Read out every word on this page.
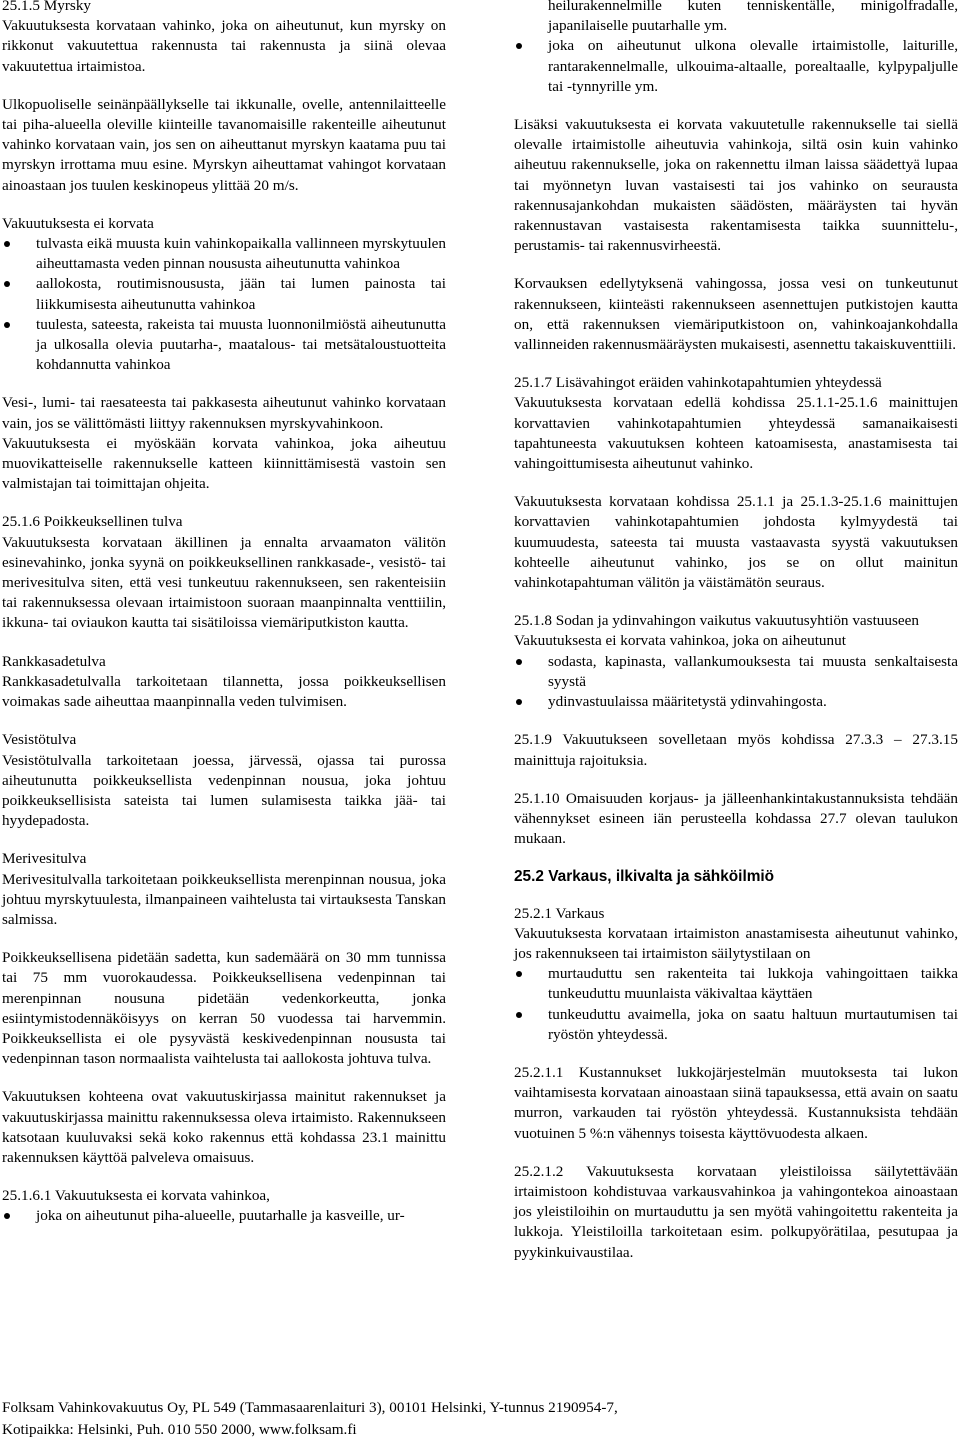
25.1.5 Myrsky
Vakuutuksesta korvataan vahinko, joka on aiheutunut, kun myrsky on rikkonut vakuutettua rakennusta tai rakennusta ja siinä olevaa vakuutettua irtaimistoa.

Ulkopuoliselle seinänpäällykselle tai ikkunalle, ovelle, antennilaitteelle tai piha-alueella oleville kiinteille tavanomaisille rakenteille aiheutunut vahinko korvataan vain, jos sen on aiheuttanut myrskyn kaatama puu tai myrskyn irrottama muu esine. Myrskyn aiheuttamat vahingot korvataan ainoastaan jos tuulen keskinopeus ylittää 20 m/s.

Vakuutuksesta ei korvata

tulvasta eikä muusta kuin vahinkopaikalla vallinneen myrskytuulen aiheuttamasta veden pinnan noususta aiheutunutta vahinkoa
aallokosta, routimisnoususta, jään tai lumen painosta tai liikkumisesta aiheutunutta vahinkoa
tuulesta, sateesta, rakeista tai muusta luonnonilmiöstä aiheutunutta ja ulkosalla olevia puutarha-, maatalous- tai metsätaloustuotteita kohdannutta vahinkoa

Vesi-, lumi- tai raesateesta tai pakkasesta aiheutunut vahinko korvataan vain, jos se välittömästi liittyy rakennuksen myrskyvahinkoon.

Vakuutuksesta ei myöskään korvata vahinkoa, joka aiheutuu muovikatteiselle rakennukselle katteen kiinnittämisestä vastoin sen valmistajan tai toimittajan ohjeita.

25.1.6 Poikkeuksellinen tulva
Vakuutuksesta korvataan äkillinen ja ennalta arvaamaton välitön esinevahinko, jonka syynä on poikkeuksellinen rankkasade-, vesistö- tai merivesitulva siten, että vesi tunkeutuu rakennukseen, sen rakenteisiin tai rakennuksessa olevaan irtaimistoon suoraan maanpinnalta venttiilin, ikkuna- tai oviaukon kautta tai sisätiloissa viemäriputkiston kautta.

Rankkasadetulva
Rankkasadetulvalla tarkoitetaan tilannetta, jossa poikkeuksellisen voimakas sade aiheuttaa maanpinnalla veden tulvimisen.

Vesistötulva
Vesistötulvalla tarkoitetaan joessa, järvessä, ojassa tai purossa aiheutunutta poikkeuksellista vedenpinnan nousua, joka johtuu poikkeuksellisista sateista tai lumen sulamisesta taikka jää- tai hyydepadosta.

Merivesitulva
Merivesitulvalla tarkoitetaan poikkeuksellista merenpinnan nousua, joka johtuu myrskytuulesta, ilmanpaineen vaihtelusta tai virtauksesta Tanskan salmissa.

Poikkeuksellisena pidetään sadetta, kun sademäärä on 30 mm tunnissa tai 75 mm vuorokaudessa. Poikkeuksellisena vedenpinnan tai merenpinnan nousuna pidetään vedenkorkeutta, jonka esiintymistodennäköisyys on kerran 50 vuodessa tai harvemmin. Poikkeuksellista ei ole pysyvästä keskivedenpinnan noususta tai vedenpinnan tason normaalista vaihtelusta tai aallokosta johtuva tulva.

Vakuutuksen kohteena ovat vakuutuskirjassa mainitut rakennukset ja vakuutuskirjassa mainittu rakennuksessa oleva irtaimisto. Rakennukseen katsotaan kuuluvaksi sekä koko rakennus että kohdassa 23.1 mainittu rakennuksen käyttöä palveleva omaisuus.

25.1.6.1 Vakuutuksesta ei korvata vahinkoa,

joka on aiheutunut piha-alueelle, puutarhalle ja kasveille, ur-
heilurakennelmille kuten tenniskentälle, minigolfradalle, japanilaiselle puutarhalle ym.
joka on aiheutunut ulkona olevalle irtaimistolle, laiturille, rantarakennelmalle, ulkouima-altaalle, porealtaalle, kylpypaljulle tai -tynnyrille ym.

Lisäksi vakuutuksesta ei korvata vakuutetulle rakennukselle tai siellä olevalle irtaimistolle aiheutuvia vahinkoja, siltä osin kuin vahinko aiheutuu rakennukselle, joka on rakennettu ilman laissa säädettyä lupaa tai myönnetyn luvan vastaisesti tai jos vahinko on seurausta rakennusajankohdan mukaisten säädösten, määräysten tai hyvän rakennustavan vastaisesta rakentamisesta taikka suunnittelu-, perustamis- tai rakennusvirheestä.

Korvauksen edellytyksenä vahingossa, jossa vesi on tunkeutunut rakennukseen, kiinteästi rakennukseen asennettujen putkistojen kautta on, että rakennuksen viemäriputkistoon on, vahinkoajankohdalla vallinneiden rakennusmääräysten mukaisesti, asennettu takaiskuventtiili.

25.1.7 Lisävahingot eräiden vahinkotapahtumien yhteydessä
Vakuutuksesta korvataan edellä kohdissa 25.1.1-25.1.6 mainittujen korvattavien vahinkotapahtumien yhteydessä samanaikaisesti tapahtuneesta vakuutuksen kohteen katoamisesta, anastamisesta tai vahingoittumisesta aiheutunut vahinko.

Vakuutuksesta korvataan kohdissa 25.1.1 ja 25.1.3-25.1.6 mainittujen korvattavien vahinkotapahtumien johdosta kylmyydestä tai kuumuudesta, sateesta tai muusta vastaavasta syystä vakuutuksen kohteelle aiheutunut vahinko, jos se on ollut mainitun vahinkotapahtuman välitön ja väistämätön seuraus.

25.1.8 Sodan ja ydinvahingon vaikutus vakuutusyhtiön vastuuseen
Vakuutuksesta ei korvata vahinkoa, joka on aiheutunut

sodasta, kapinasta, vallankumouksesta tai muusta senkaltaisesta syystä
ydinvastuulaissa määritetystä ydinvahingosta.

25.1.9 Vakuutukseen sovelletaan myös kohdissa 27.3.3 – 27.3.15 mainittuja rajoituksia.

25.1.10 Omaisuuden korjaus- ja jälleenhankintakustannuksista tehdään vähennykset esineen iän perusteella kohdassa 27.7 olevan taulukon mukaan.

25.2 Varkaus, ilkivalta ja sähköilmiö

25.2.1 Varkaus
Vakuutuksesta korvataan irtaimiston anastamisesta aiheutunut vahinko, jos rakennukseen tai irtaimiston säilytystilaan on

murtauduttu sen rakenteita tai lukkoja vahingoittaen taikka tunkeuduttu muunlaista väkivaltaa käyttäen
tunkeuduttu avaimella, joka on saatu haltuun murtautumisen tai ryöstön yhteydessä.

25.2.1.1 Kustannukset lukkojärjestelmän muutoksesta tai lukon vaihtamisesta korvataan ainoastaan siinä tapauksessa, että avain on saatu murron, varkauden tai ryöstön yhteydessä. Kustannuksista tehdään vuotuinen 5 %:n vähennys toisesta käyttövuodesta alkaen.

25.2.1.2 Vakuutuksesta korvataan yleistiloissa säilytettävään irtaimistoon kohdistuvaa varkausvahinkoa ja vahingontekoa ainoastaan jos yleistiloihin on murtauduttu ja sen myötä vahingoitettu rakenteita ja lukkoja. Yleistiloilla tarkoitetaan esim. polkupyörätilaa, pesutupaa ja pyykinkuivaustilaa.

Folksam Vahinkovakuutus Oy, PL 549 (Tammasaarenlaituri 3), 00101 Helsinki, Y-tunnus 2190954-7,
Kotipaikka: Helsinki, Puh. 010 550 2000, www.folksam.fi
